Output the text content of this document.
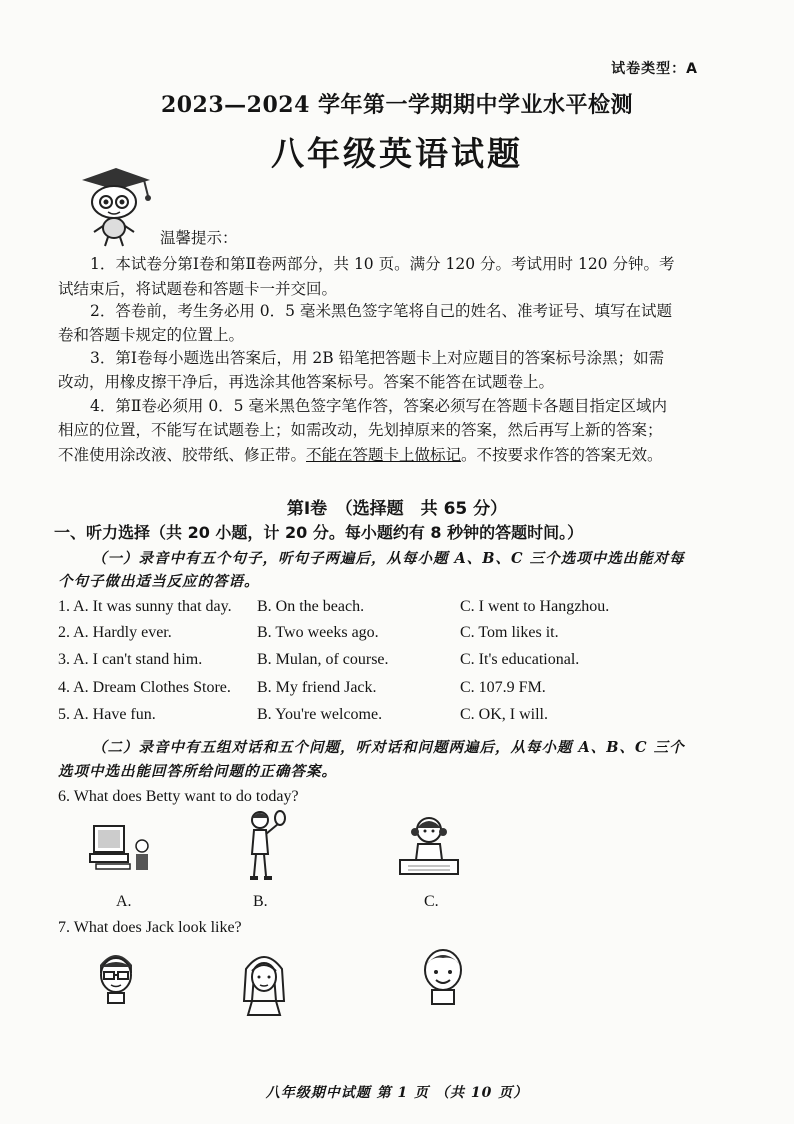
试卷类型：A
2023—2024 学年第一学期期中学业水平检测
八年级英语试题
温馨提示：
1．本试卷分第Ⅰ卷和第Ⅱ卷两部分，共 10 页。满分 120 分。考试用时 120 分钟。考
试结束后，将试题卷和答题卡一并交回。
2．答卷前，考生务必用 0．5 毫米黑色签字笔将自己的姓名、准考证号、填写在试题
卷和答题卡规定的位置上。
3．第Ⅰ卷每小题选出答案后，用 2B 铅笔把答题卡上对应题目的答案标号涂黑；如需
改动，用橡皮擦干净后，再选涂其他答案标号。答案不能答在试题卷上。
4．第Ⅱ卷必须用 0．5 毫米黑色签字笔作答，答案必须写在答题卡各题目指定区域内
相应的位置，不能写在试题卷上；如需改动，先划掉原来的答案，然后再写上新的答案；
不准使用涂改液、胶带纸、修正带。不能在答题卡上做标记。不按要求作答的答案无效。
第Ⅰ卷　（选择题　共 65 分）
一、听力选择（共 20 小题，计 20 分。每小题约有 8 秒钟的答题时间。）
（一）录音中有五个句子，听句子两遍后，从每小题 A、B、C 三个选项中选出能对每
个句子做出适当反应的答语。
1. A. It was sunny that day. B. On the beach.	C. I went to Hangzhou.
2. A. Hardly ever.	B. Two weeks ago.	C. Tom likes it.
3. A. I can't stand him.	B. Mulan, of course.	C. It's educational.
4. A. Dream Clothes Store. B. My friend Jack.	C. 107.9 FM.
5. A. Have fun.	B. You're welcome.	C. OK, I will.
（二）录音中有五组对话和五个问题，听对话和问题两遍后，从每小题 A、B、C 三个
选项中选出能回答所给问题的正确答案。
6. What does Betty want to do today?
A.	B.	C.
7. What does Jack look like?
八年级期中试题 第 1 页 （共 10 页）
